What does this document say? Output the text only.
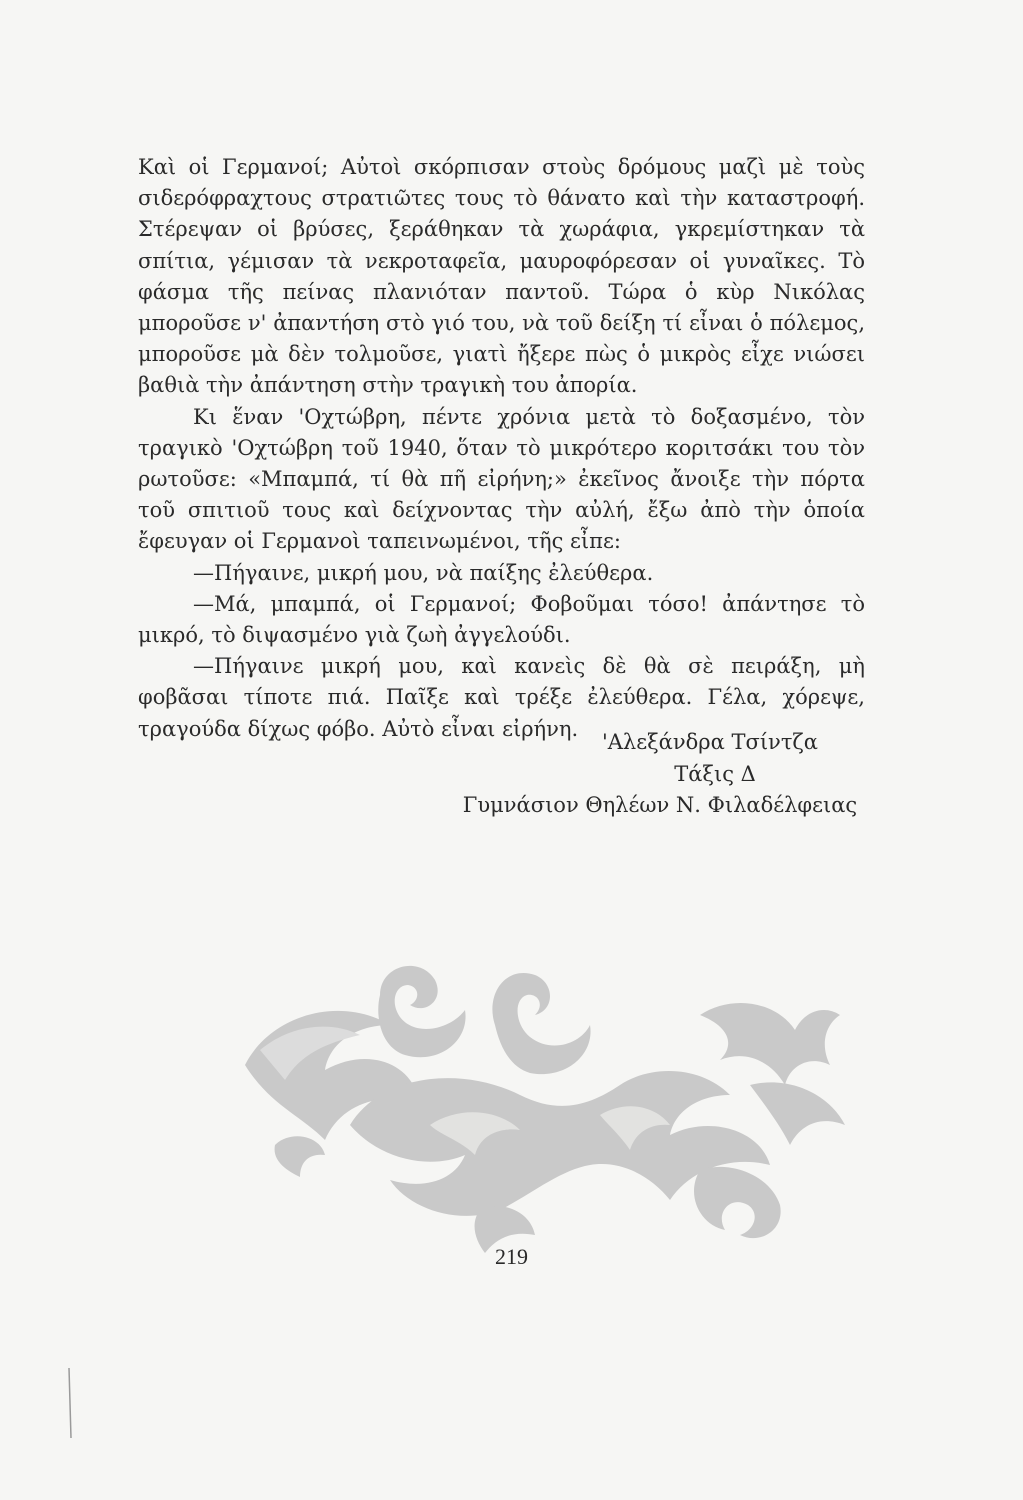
Καὶ οἱ Γερμανοί; Αὐτοὶ σκόρπισαν στοὺς δρόμους μαζὶ μὲ τοὺς σιδερόφραχτους στρατιῶτες τους τὸ θάνατο καὶ τὴν καταστροφή. Στέρεψαν οἱ βρύσες, ξεράθηκαν τὰ χωράφια, γκρεμίστηκαν τὰ σπίτια, γέμισαν τὰ νεκροταφεῖα, μαυροφόρεσαν οἱ γυναῖκες. Τὸ φάσμα τῆς πείνας πλανιόταν παντοῦ. Τώρα ὁ κὺρ Νικόλας μποροῦσε ν' ἀπαντήση στὸ γιό του, νὰ τοῦ δείξη τί εἶναι ὁ πόλεμος, μποροῦσε μὰ δὲν τολμοῦσε, γιατὶ ἤξερε πὼς ὁ μικρὸς εἶχε νιώσει βαθιὰ τὴν ἀπάντηση στὴν τραγικὴ του ἀπορία.

Κι ἕναν 'Οχτώβρη, πέντε χρόνια μετὰ τὸ δοξασμένο, τὸν τραγικὸ 'Οχτώβρη τοῦ 1940, ὅταν τὸ μικρότερο κοριτσάκι του τὸν ρωτοῦσε: «Μπαμπά, τί θὰ πῆ εἰρήνη;» ἐκεῖνος ἄνοιξε τὴν πόρτα τοῦ σπιτιοῦ τους καὶ δείχνοντας τὴν αὐλή, ἔξω ἀπὸ τὴν ὁποία ἔφευγαν οἱ Γερμανοὶ ταπεινωμένοι, τῆς εἶπε:

—Πήγαινε, μικρή μου, νὰ παίξης ἐλεύθερα.

—Μά, μπαμπά, οἱ Γερμανοί; Φοβοῦμαι τόσο! ἀπάντησε τὸ μικρό, τὸ διψασμένο γιὰ ζωὴ ἀγγελούδι.

—Πήγαινε μικρή μου, καὶ κανεὶς δὲ θὰ σὲ πειράξη, μὴ φοβᾶσαι τίποτε πιά. Παῖξε καὶ τρέξε ἐλεύθερα. Γέλα, χόρεψε, τραγούδα δίχως φόβο. Αὐτὸ εἶναι εἰρήνη.

'Αλεξάνδρα Τσίντζα
Τάξις Δ
Γυμνάσιον Θηλέων Ν. Φιλαδέλφειας
219
